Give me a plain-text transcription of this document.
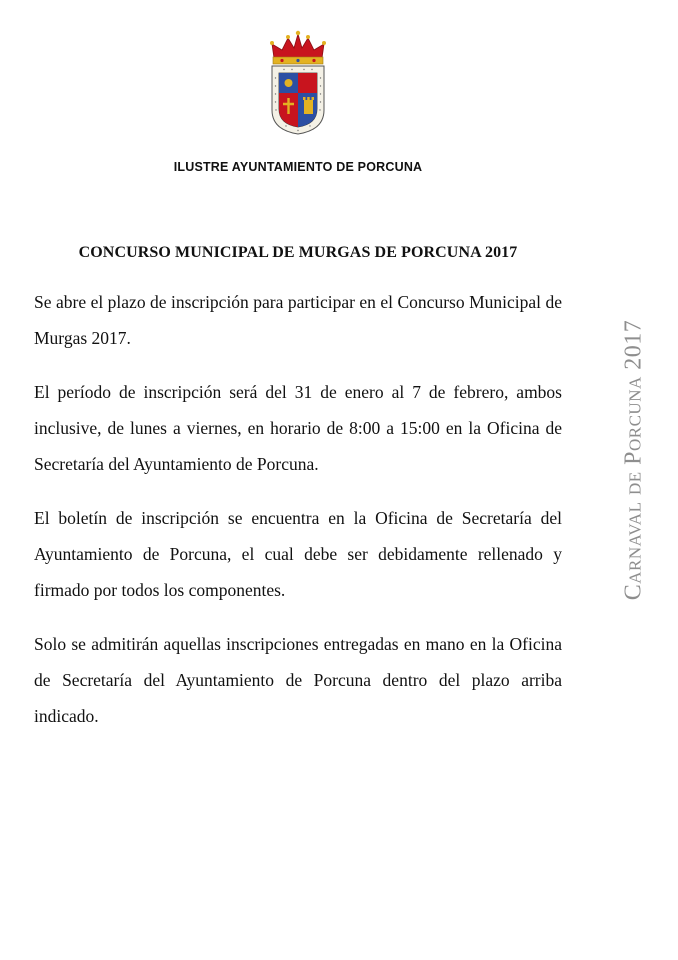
ILUSTRE AYUNTAMIENTO DE PORCUNA
CONCURSO MUNICIPAL DE MURGAS DE PORCUNA 2017

Se abre el plazo de inscripción para participar en el Concurso Municipal de Murgas 2017.

El período de inscripción será del 31 de enero al 7 de febrero, ambos inclusive, de lunes a viernes, en horario de 8:00 a 15:00 en la Oficina de Secretaría del Ayuntamiento de Porcuna.

El boletín de inscripción se encuentra en la Oficina de Secretaría del Ayuntamiento de Porcuna, el cual debe ser debidamente rellenado y firmado por todos los componentes.

Solo se admitirán aquellas inscripciones entregadas en mano en la Oficina de Secretaría del Ayuntamiento de Porcuna dentro del plazo arriba indicado.

Carnaval de Porcuna 2017
